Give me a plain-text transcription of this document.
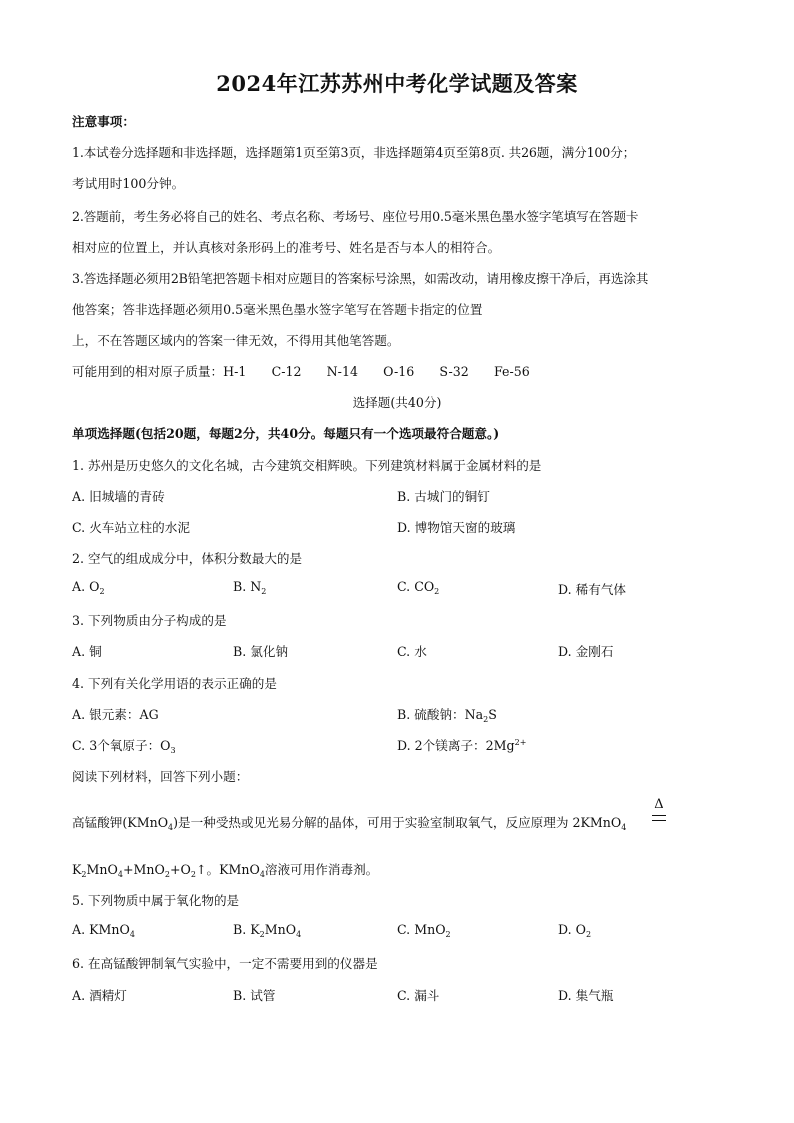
2024年江苏苏州中考化学试题及答案
注意事项：
1.本试卷分选择题和非选择题，选择题第1页至第3页，非选择题第4页至第8页. 共26题，满分100分；
考试用时100分钟。
2.答题前，考生务必将自己的姓名、考点名称、考场号、座位号用0.5毫米黑色墨水签字笔填写在答题卡
相对应的位置上，并认真核对条形码上的准考号、姓名是否与本人的相符合。
3.答选择题必须用2B铅笔把答题卡相对应题目的答案标号涂黑，如需改动，请用橡皮擦干净后，再选涂其
他答案；答非选择题必须用0.5毫米黑色墨水签字笔写在答题卡指定的位置
上，不在答题区域内的答案一律无效，不得用其他笔答题。
可能用到的相对原子质量：H-1　　C-12　　N-14　　O-16　　S-32　　Fe-56
选择题(共40分)
单项选择题(包括20题，每题2分，共40分。每题只有一个选项最符合题意。)
1. 苏州是历史悠久的文化名城，古今建筑交相辉映。下列建筑材料属于金属材料的是
A. 旧城墙的青砖	B. 古城门的铜钉
C. 火车站立柱的水泥	D. 博物馆天窗的玻璃
2. 空气的组成成分中，体积分数最大的是
A. $O_2$	B. $N_2$	C. $CO_2$	D. 稀有气体
3. 下列物质由分子构成的是
A. 铜	B. 氯化钠	C. 水	D. 金刚石
4. 下列有关化学用语的表示正确的是
A. 银元素：AG	B. 硫酸钠：$Na_2S$
C. 3个氧原子：$O_3$	D. 2个镁离子：$2Mg^{2+}$
阅读下列材料，回答下列小题：
高锰酸钾(KMnO$_4$)是一种受热或见光易分解的晶体，可用于实验室制取氧气，反应原理为 2KMnO$_4$
Δ
$K_2MnO_4+MnO_2+O_2↑$。KMnO$_4$溶液可用作消毒剂。
5. 下列物质中属于氧化物的是
A. KMnO$_4$	B. $K_2MnO_4$	C. MnO$_2$	D. $O_2$
6. 在高锰酸钾制氧气实验中，一定不需要用到的仪器是
A. 酒精灯	B. 试管	C. 漏斗	D. 集气瓶
